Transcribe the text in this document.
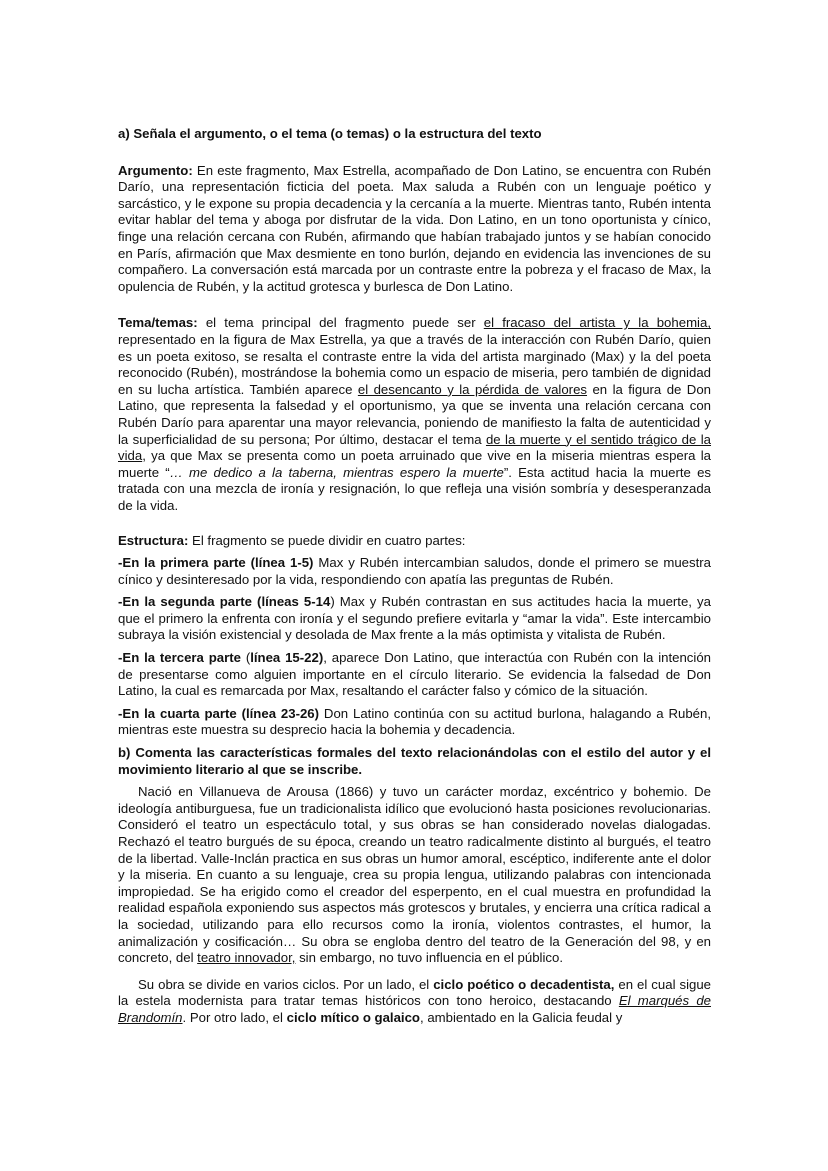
a) Señala el argumento, o el tema (o temas) o la estructura del texto

Argumento: En este fragmento, Max Estrella, acompañado de Don Latino, se encuentra con Rubén Darío, una representación ficticia del poeta. Max saluda a Rubén con un lenguaje poético y sarcástico, y le expone su propia decadencia y la cercanía a la muerte. Mientras tanto, Rubén intenta evitar hablar del tema y aboga por disfrutar de la vida. Don Latino, en un tono oportunista y cínico, finge una relación cercana con Rubén, afirmando que habían trabajado juntos y se habían conocido en París, afirmación que Max desmiente en tono burlón, dejando en evidencia las invenciones de su compañero. La conversación está marcada por un contraste entre la pobreza y el fracaso de Max, la opulencia de Rubén, y la actitud grotesca y burlesca de Don Latino.

Tema/temas: el tema principal del fragmento puede ser el fracaso del artista y la bohemia, representado en la figura de Max Estrella, ya que a través de la interacción con Rubén Darío, quien es un poeta exitoso, se resalta el contraste entre la vida del artista marginado (Max) y la del poeta reconocido (Rubén), mostrándose la bohemia como un espacio de miseria, pero también de dignidad en su lucha artística. También aparece el desencanto y la pérdida de valores en la figura de Don Latino, que representa la falsedad y el oportunismo, ya que se inventa una relación cercana con Rubén Darío para aparentar una mayor relevancia, poniendo de manifiesto la falta de autenticidad y la superficialidad de su persona; Por último, destacar el tema de la muerte y el sentido trágico de la vida, ya que Max se presenta como un poeta arruinado que vive en la miseria mientras espera la muerte “… me dedico a la taberna, mientras espero la muerte”. Esta actitud hacia la muerte es tratada con una mezcla de ironía y resignación, lo que refleja una visión sombría y desesperanzada de la vida.

Estructura: El fragmento se puede dividir en cuatro partes:

-En la primera parte (línea 1-5) Max y Rubén intercambian saludos, donde el primero se muestra cínico y desinteresado por la vida, respondiendo con apatía las preguntas de Rubén.

-En la segunda parte (líneas 5-14) Max y Rubén contrastan en sus actitudes hacia la muerte, ya que el primero la enfrenta con ironía y el segundo prefiere evitarla y “amar la vida”. Este intercambio subraya la visión existencial y desolada de Max frente a la más optimista y vitalista de Rubén.

-En la tercera parte (línea 15-22), aparece Don Latino, que interactúa con Rubén con la intención de presentarse como alguien importante en el círculo literario. Se evidencia la falsedad de Don Latino, la cual es remarcada por Max, resaltando el carácter falso y cómico de la situación.

-En la cuarta parte (línea 23-26) Don Latino continúa con su actitud burlona, halagando a Rubén, mientras este muestra su desprecio hacia la bohemia y decadencia.

b) Comenta las características formales del texto relacionándolas con el estilo del autor y el movimiento literario al que se inscribe.

Nació en Villanueva de Arousa (1866) y tuvo un carácter mordaz, excéntrico y bohemio. De ideología antiburguesa, fue un tradicionalista idílico que evolucionó hasta posiciones revolucionarias. Consideró el teatro un espectáculo total, y sus obras se han considerado novelas dialogadas. Rechazó el teatro burgués de su época, creando un teatro radicalmente distinto al burgués, el teatro de la libertad. Valle-Inclán practica en sus obras un humor amoral, escéptico, indiferente ante el dolor y la miseria. En cuanto a su lenguaje, crea su propia lengua, utilizando palabras con intencionada impropiedad. Se ha erigido como el creador del esperpento, en el cual muestra en profundidad la realidad española exponiendo sus aspectos más grotescos y brutales, y encierra una crítica radical a la sociedad, utilizando para ello recursos como la ironía, violentos contrastes, el humor, la animalización y cosificación… Su obra se engloba dentro del teatro de la Generación del 98, y en concreto, del teatro innovador, sin embargo, no tuvo influencia en el público.

Su obra se divide en varios ciclos. Por un lado, el ciclo poético o decadentista, en el cual sigue la estela modernista para tratar temas históricos con tono heroico, destacando El marqués de Brandomín. Por otro lado, el ciclo mítico o galaico, ambientado en la Galicia feudal y
